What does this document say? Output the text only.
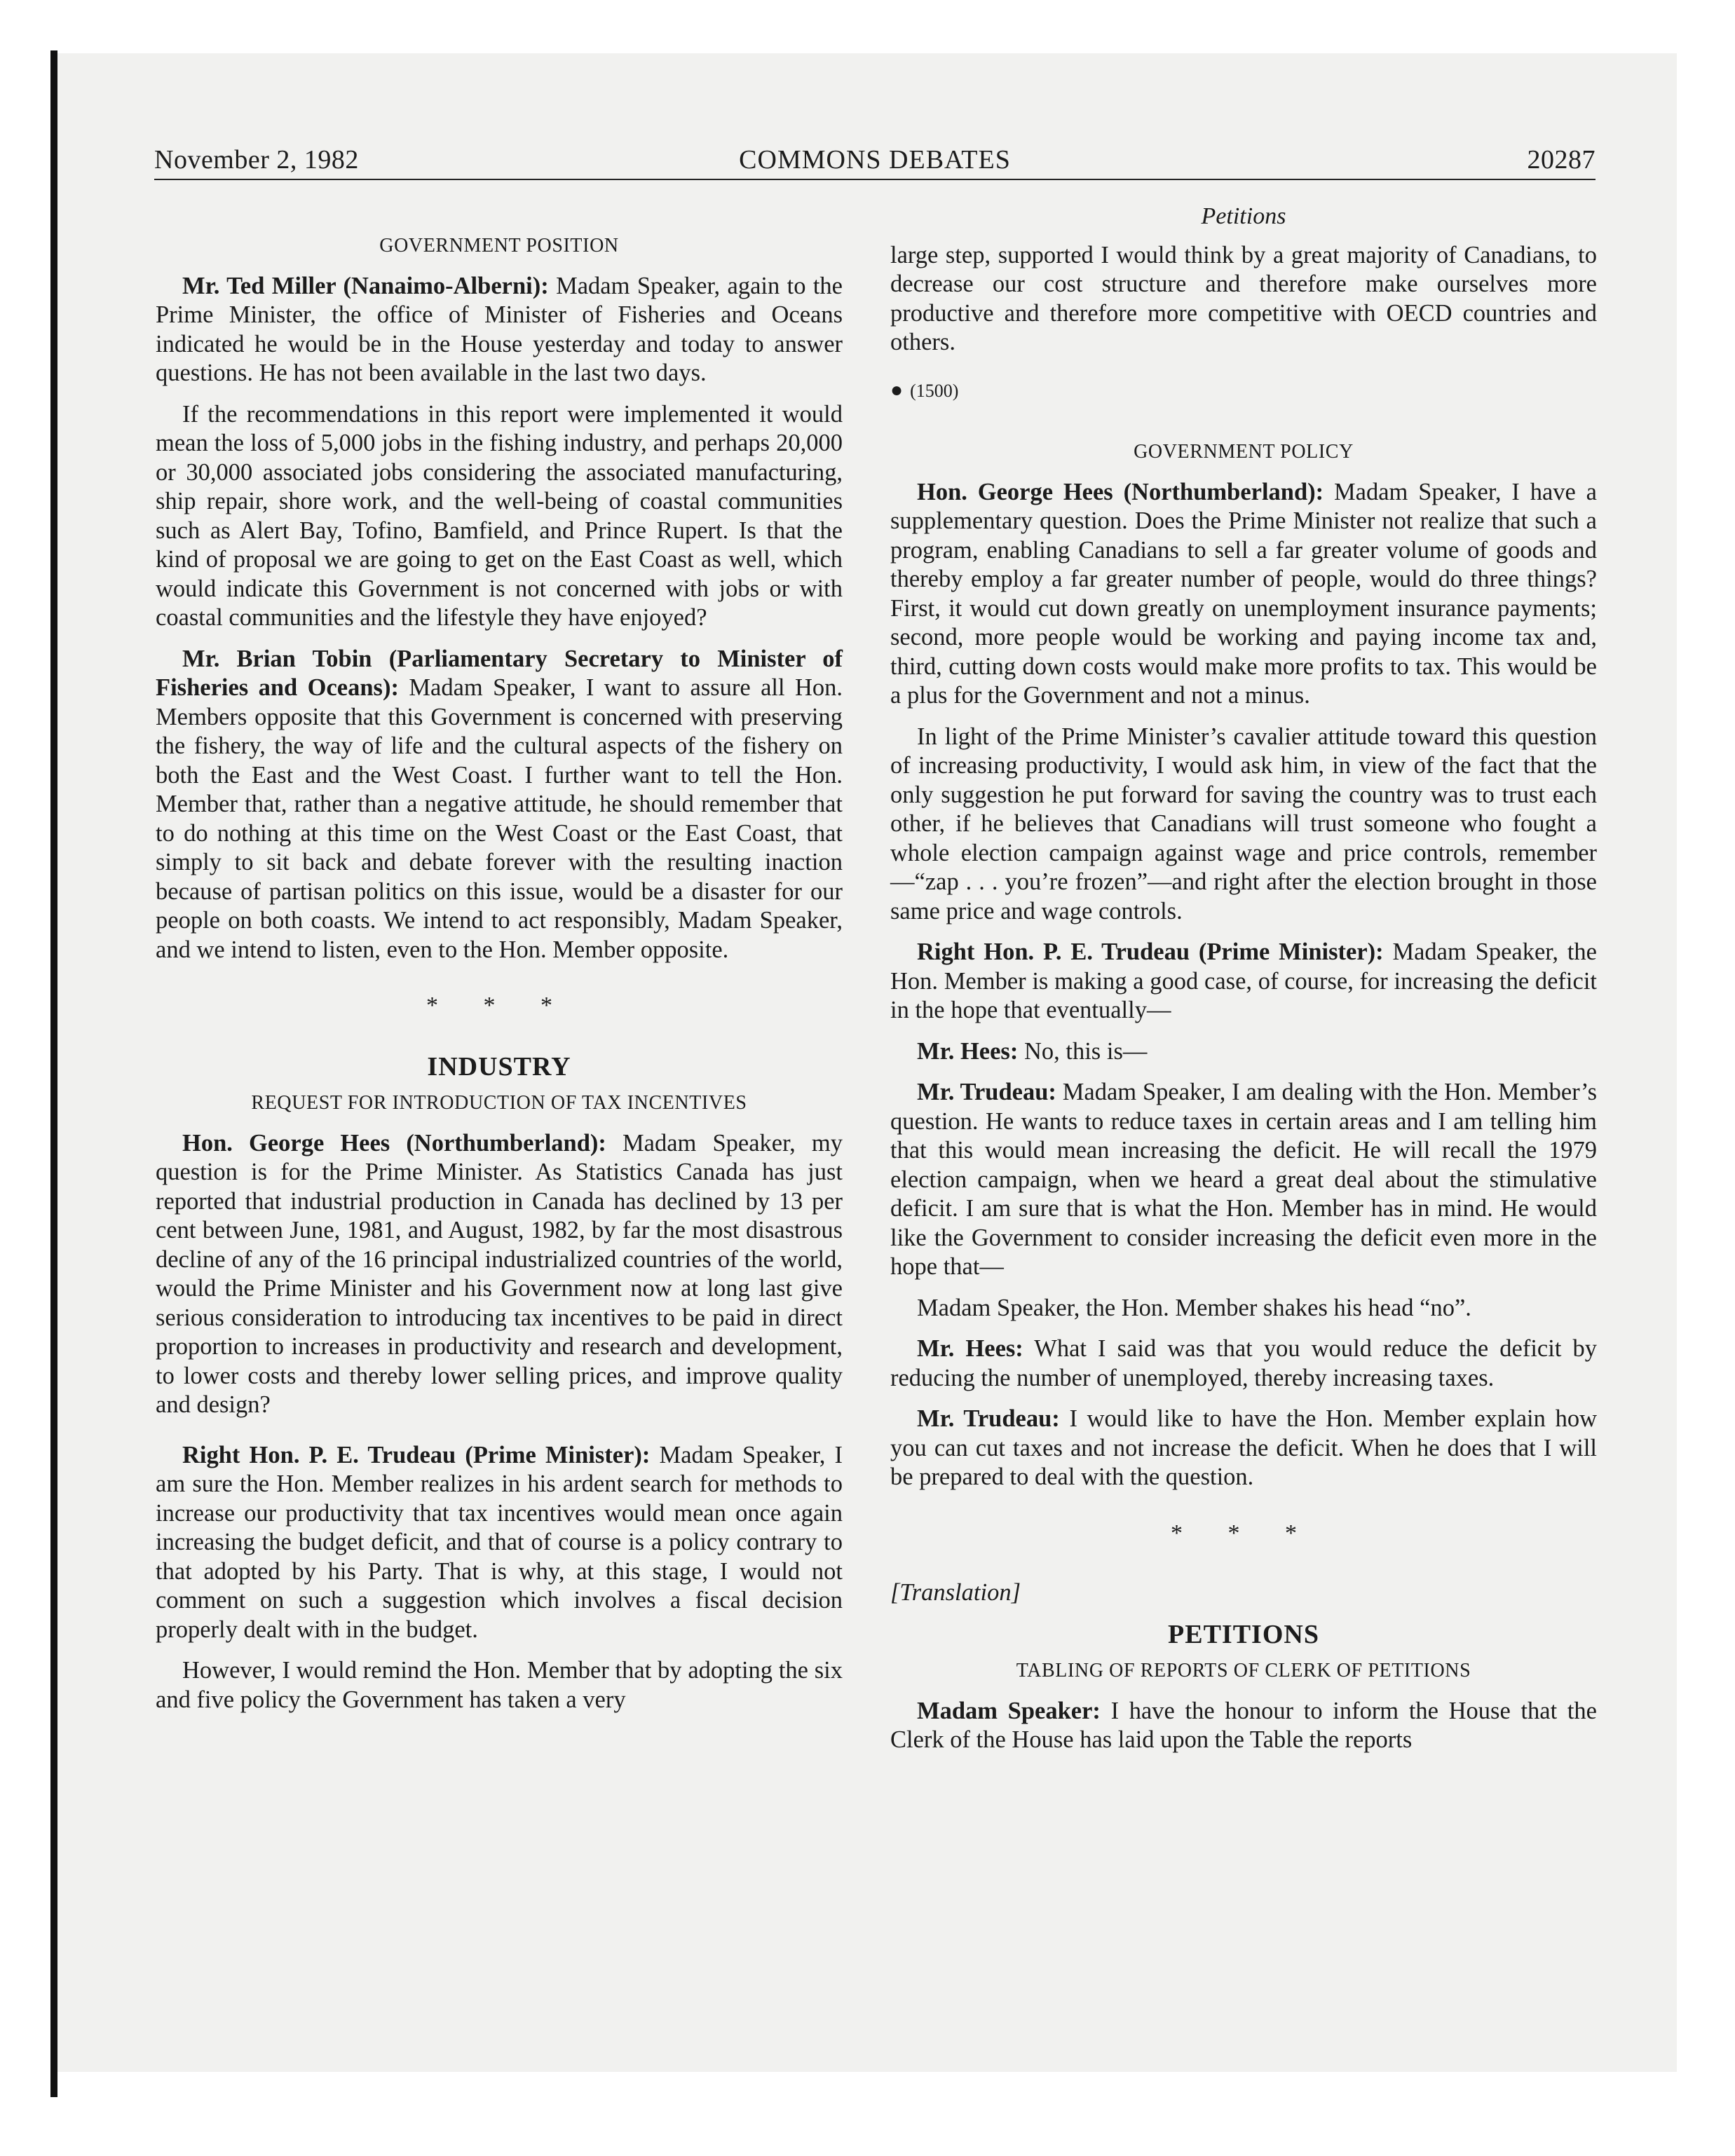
November 2, 1982	COMMONS DEBATES	20287
GOVERNMENT POSITION

Mr. Ted Miller (Nanaimo-Alberni): Madam Speaker, again to the Prime Minister, the office of Minister of Fisheries and Oceans indicated he would be in the House yesterday and today to answer questions. He has not been available in the last two days.

If the recommendations in this report were implemented it would mean the loss of 5,000 jobs in the fishing industry, and perhaps 20,000 or 30,000 associated jobs considering the associated manufacturing, ship repair, shore work, and the well-being of coastal communities such as Alert Bay, Tofino, Bamfield, and Prince Rupert. Is that the kind of proposal we are going to get on the East Coast as well, which would indicate this Government is not concerned with jobs or with coastal communities and the lifestyle they have enjoyed?

Mr. Brian Tobin (Parliamentary Secretary to Minister of Fisheries and Oceans): Madam Speaker, I want to assure all Hon. Members opposite that this Government is concerned with preserving the fishery, the way of life and the cultural aspects of the fishery on both the East and the West Coast. I further want to tell the Hon. Member that, rather than a negative attitude, he should remember that to do nothing at this time on the West Coast or the East Coast, that simply to sit back and debate forever with the resulting inaction because of partisan politics on this issue, would be a disaster for our people on both coasts. We intend to act responsibly, Madam Speaker, and we intend to listen, even to the Hon. Member opposite.

* * *
INDUSTRY
REQUEST FOR INTRODUCTION OF TAX INCENTIVES

Hon. George Hees (Northumberland): Madam Speaker, my question is for the Prime Minister. As Statistics Canada has just reported that industrial production in Canada has declined by 13 per cent between June, 1981, and August, 1982, by far the most disastrous decline of any of the 16 principal industrialized countries of the world, would the Prime Minister and his Government now at long last give serious consideration to introducing tax incentives to be paid in direct proportion to increases in productivity and research and development, to lower costs and thereby lower selling prices, and improve quality and design?

Right Hon. P. E. Trudeau (Prime Minister): Madam Speaker, I am sure the Hon. Member realizes in his ardent search for methods to increase our productivity that tax incentives would mean once again increasing the budget deficit, and that of course is a policy contrary to that adopted by his Party. That is why, at this stage, I would not comment on such a suggestion which involves a fiscal decision properly dealt with in the budget.

However, I would remind the Hon. Member that by adopting the six and five policy the Government has taken a very

Petitions

large step, supported I would think by a great majority of Canadians, to decrease our cost structure and therefore make ourselves more productive and therefore more competitive with OECD countries and others.

● (1500)

GOVERNMENT POLICY

Hon. George Hees (Northumberland): Madam Speaker, I have a supplementary question. Does the Prime Minister not realize that such a program, enabling Canadians to sell a far greater volume of goods and thereby employ a far greater number of people, would do three things? First, it would cut down greatly on unemployment insurance payments; second, more people would be working and paying income tax and, third, cutting down costs would make more profits to tax. This would be a plus for the Government and not a minus.

In light of the Prime Minister’s cavalier attitude toward this question of increasing productivity, I would ask him, in view of the fact that the only suggestion he put forward for saving the country was to trust each other, if he believes that Canadians will trust someone who fought a whole election campaign against wage and price controls, remember—“zap . . . you’re frozen”—and right after the election brought in those same price and wage controls.

Right Hon. P. E. Trudeau (Prime Minister): Madam Speaker, the Hon. Member is making a good case, of course, for increasing the deficit in the hope that eventually—

Mr. Hees: No, this is—

Mr. Trudeau: Madam Speaker, I am dealing with the Hon. Member’s question. He wants to reduce taxes in certain areas and I am telling him that this would mean increasing the deficit. He will recall the 1979 election campaign, when we heard a great deal about the stimulative deficit. I am sure that is what the Hon. Member has in mind. He would like the Government to consider increasing the deficit even more in the hope that—

Madam Speaker, the Hon. Member shakes his head “no”.

Mr. Hees: What I said was that you would reduce the deficit by reducing the number of unemployed, thereby increasing taxes.

Mr. Trudeau: I would like to have the Hon. Member explain how you can cut taxes and not increase the deficit. When he does that I will be prepared to deal with the question.

* * *

[Translation]

PETITIONS
TABLING OF REPORTS OF CLERK OF PETITIONS

Madam Speaker: I have the honour to inform the House that the Clerk of the House has laid upon the Table the reports
